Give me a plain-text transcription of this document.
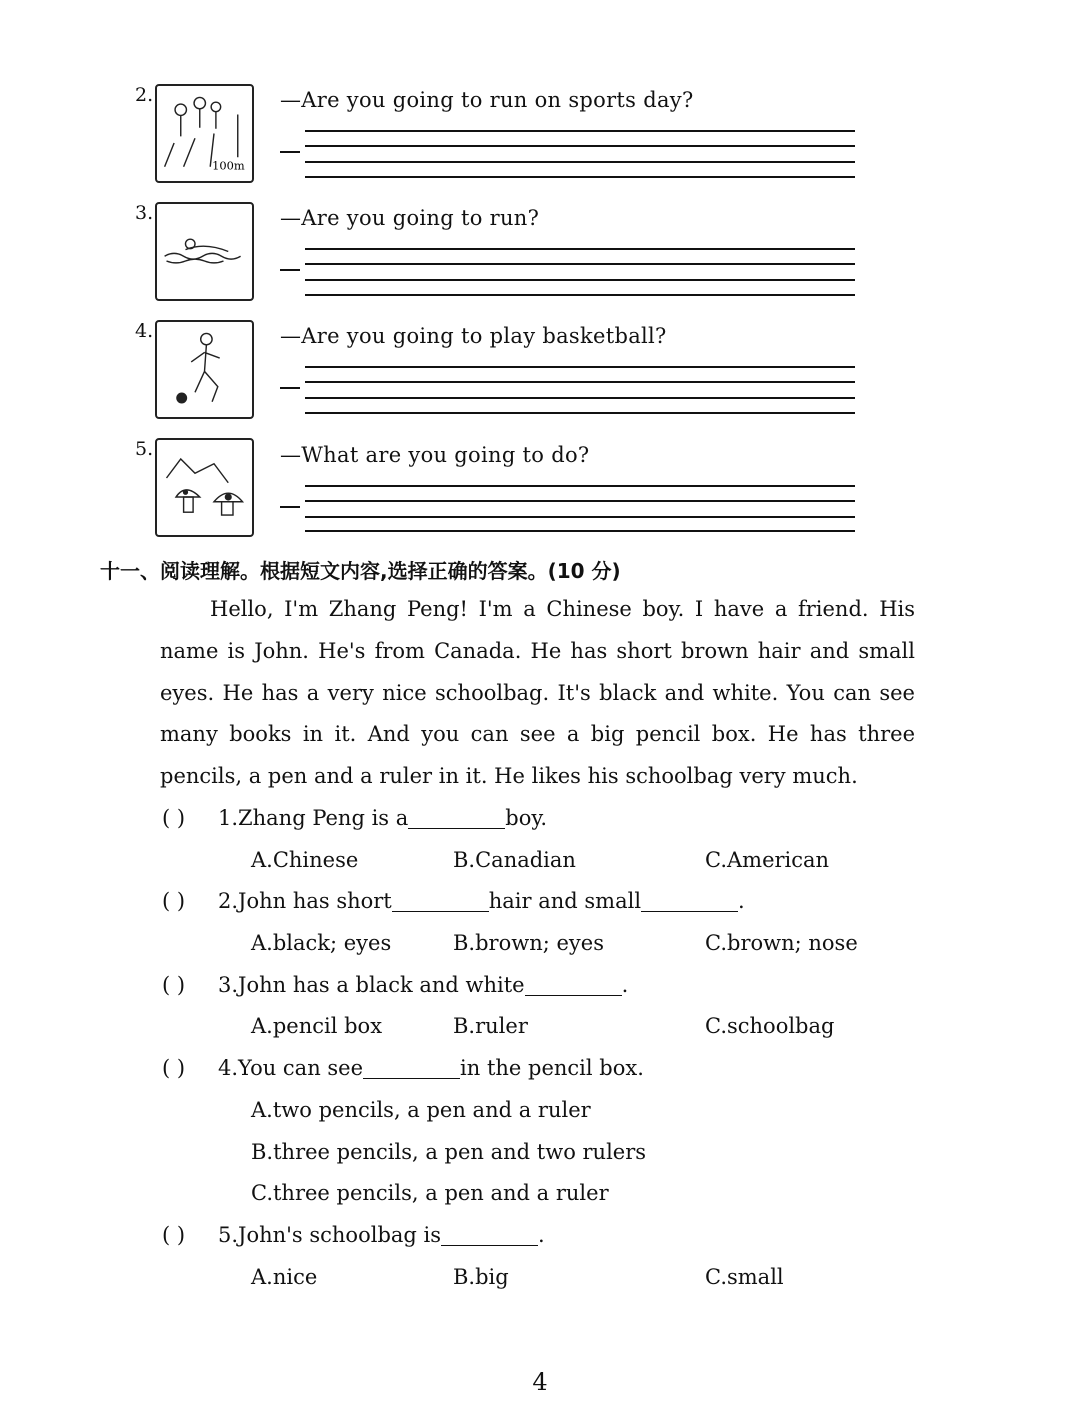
2.
100m
—Are you going to run on sports day?
3.	—Are you going to run?
4.	—Are you going to play basketball?
5.	—What are you going to do?
十一、阅读理解。根据短文内容,选择正确的答案。(10 分)

Hello, I'm Zhang Peng! I'm a Chinese boy. I have a friend. His name is John. He's from Canada. He has short brown hair and small eyes. He has a very nice schoolbag. It's black and white. You can see many books in it. And you can see a big pencil box. He has three pencils, a pen and a ruler in it. He likes his schoolbag very much.

( ) 1.Zhang Peng is a	boy.
A.Chinese	B.Canadian	C.American
( ) 2.John has short	hair and small	.
A.black; eyes	B.brown; eyes	C.brown; nose
( ) 3.John has a black and white	.
A.pencil box	B.ruler	C.schoolbag
( ) 4.You can see	in the pencil box.
A.two pencils, a pen and a ruler
B.three pencils, a pen and two rulers
C.three pencils, a pen and a ruler
( ) 5.John's schoolbag is	.
A.nice	B.big	C.small
4
